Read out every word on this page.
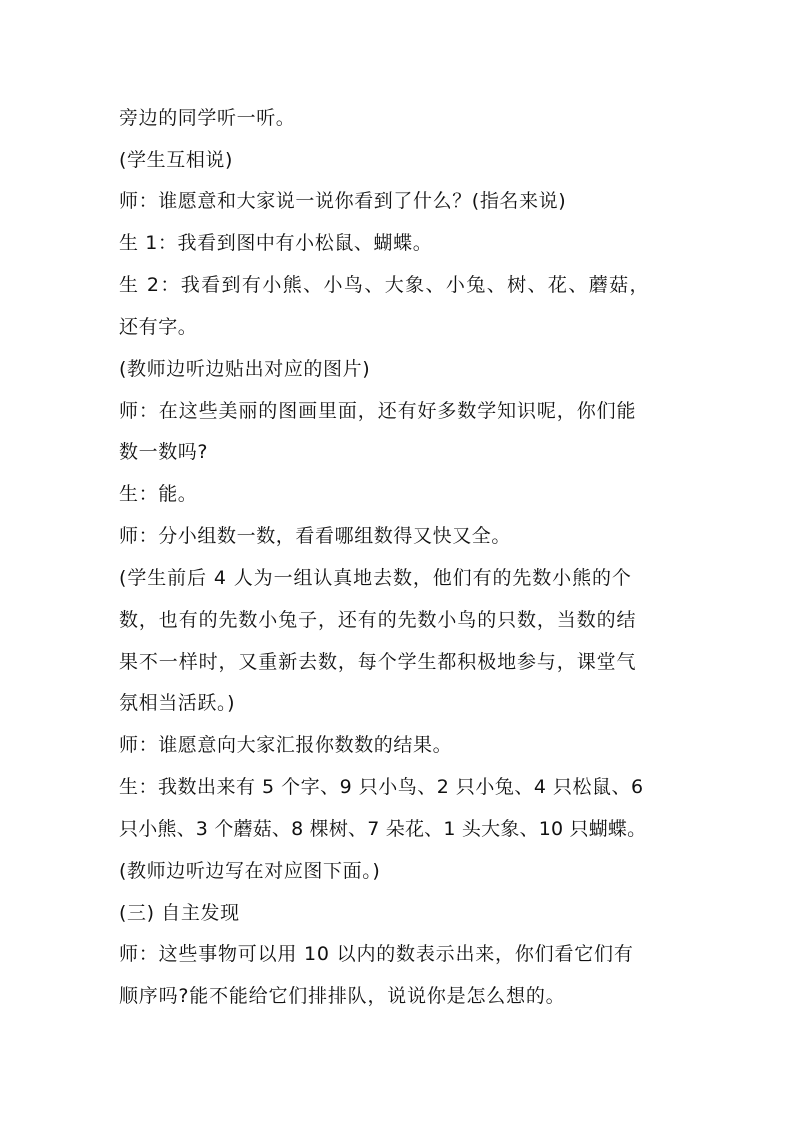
旁边的同学听一听。
(学生互相说)
师：谁愿意和大家说一说你看到了什么？(指名来说)
生 1：我看到图中有小松鼠、蝴蝶。
生 2：我看到有小熊、小鸟、大象、小兔、树、花、蘑菇，
还有字。
(教师边听边贴出对应的图片)
师：在这些美丽的图画里面，还有好多数学知识呢，你们能
数一数吗?
生：能。
师：分小组数一数，看看哪组数得又快又全。
(学生前后 4 人为一组认真地去数，他们有的先数小熊的个
数，也有的先数小兔子，还有的先数小鸟的只数，当数的结
果不一样时，又重新去数，每个学生都积极地参与，课堂气
氛相当活跃。)
师：谁愿意向大家汇报你数数的结果。
生：我数出来有 5 个字、9 只小鸟、2 只小兔、4 只松鼠、6
只小熊、3 个蘑菇、8 棵树、7 朵花、1 头大象、10 只蝴蝶。
(教师边听边写在对应图下面。)
(三) 自主发现
师：这些事物可以用 10 以内的数表示出来，你们看它们有
顺序吗?能不能给它们排排队，说说你是怎么想的。
